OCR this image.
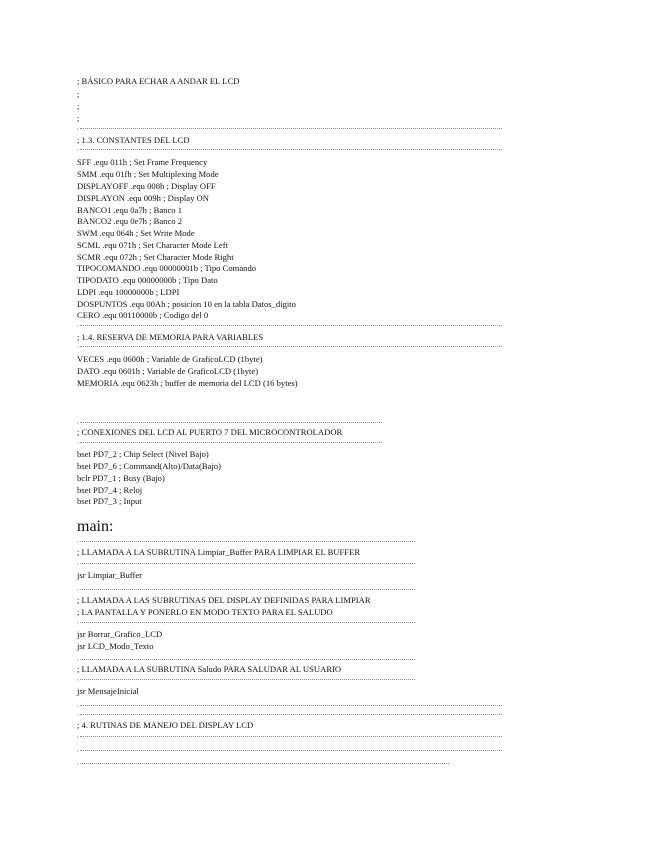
; BÁSICO PARA ECHAR A ANDAR EL LCD
;
;
;
;
; 1.3. CONSTANTES DEL LCD
;
SFF .equ 011h ; Set Frame Frequency
SMM .equ 01fh ; Set Multiplexing Mode
DISPLAYOFF .equ 008h ; Display OFF
DISPLAYON .equ 009h ; Display ON
BANCO1 .equ 0a7h ; Banco 1
BANCO2 .equ 0e7h ; Banco 2
SWM .equ 064h ; Set Write Mode
SCML .equ 071h ; Set Character Mode Left
SCMR .equ 072h ; Set Character Mode Right
TIPOCOMANDO .equ 00000001b ; Tipo Comando
TIPODATO .equ 00000000b ; Tipo Dato
LDPI .equ 10000000b ; LDPI
DOSPUNTOS .equ 00Ah ; posicion 10 en la tabla Datos_digito
CERO .equ 00110000b ; Codigo del 0
;
; 1.4. RESERVA DE MEMORIA PARA VARIABLES
;
VECES .equ 0600h ; Variable de GraficoLCD (1byte)
DATO .equ 0601h ; Variable de GraficoLCD (1byte)
MEMORIA .equ 0623h ; buffer de memoria del LCD (16 bytes)
;
; CONEXIONES DEL LCD AL PUERTO 7 DEL MICROCONTROLADOR
;
bset PD7_2 ; Chip Select (Nivel Bajo)
bset PD7_6 ; Command(Alto)/Data(Bajo)
bclr PD7_1 ; Busy (Bajo)
bset PD7_4 ; Reloj
bset PD7_3 ; Input
main:
;
; LLAMADA A LA SUBRUTINA Limpiar_Buffer PARA LIMPIAR EL BUFFER
;
jsr Limpiar_Buffer
;
; LLAMADA A LAS SUBRUTINAS DEL DISPLAY DEFINIDAS PARA LIMPIAR
; LA PANTALLA Y PONERLO EN MODO TEXTO PARA EL SALUDO
;
jsr Borrar_Grafico_LCD
jsr LCD_Modo_Texto
;
; LLAMADA A LA SUBRUTINA Saludo PARA SALUDAR AL USUARIO
;
jsr MensajeInicial
;
;
; 4. RUTINAS DE MANEJO DEL DISPLAY LCD
;
;
;
